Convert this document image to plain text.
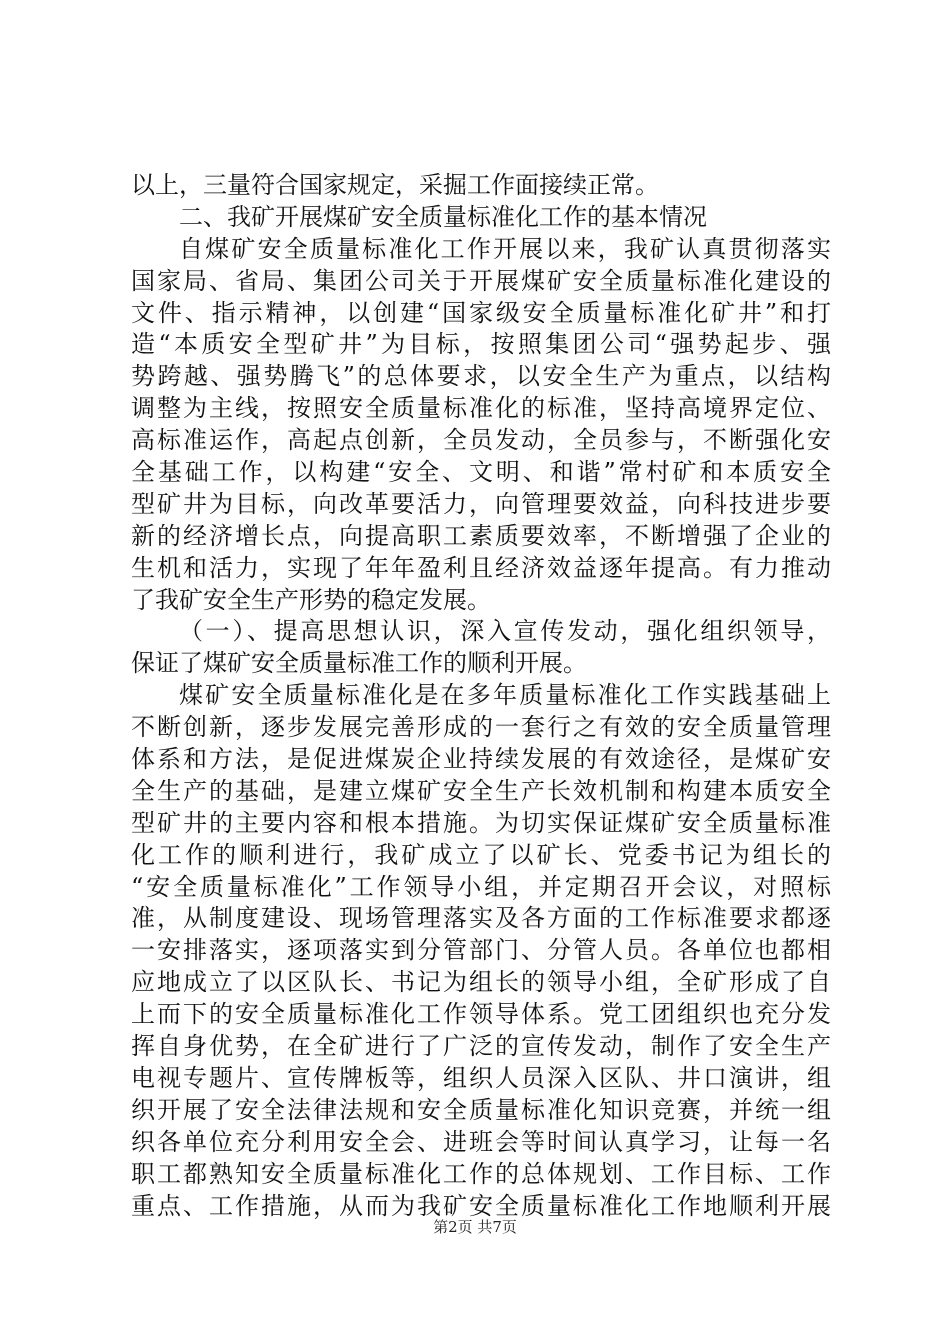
以上，三量符合国家规定，采掘工作面接续正常。

二、我矿开展煤矿安全质量标准化工作的基本情况

自煤矿安全质量标准化工作开展以来，我矿认真贯彻落实
国家局、省局、集团公司关于开展煤矿安全质量标准化建设的
文件、指示精神，以创建“国家级安全质量标准化矿井”和打
造“本质安全型矿井”为目标，按照集团公司“强势起步、强
势跨越、强势腾飞”的总体要求，以安全生产为重点，以结构
调整为主线，按照安全质量标准化的标准，坚持高境界定位、
高标准运作，高起点创新，全员发动，全员参与，不断强化安
全基础工作，以构建“安全、文明、和谐”常村矿和本质安全
型矿井为目标，向改革要活力，向管理要效益，向科技进步要
新的经济增长点，向提高职工素质要效率，不断增强了企业的
生机和活力，实现了年年盈利且经济效益逐年提高。有力推动
了我矿安全生产形势的稳定发展。

（一）、提高思想认识，深入宣传发动，强化组织领导，
保证了煤矿安全质量标准工作的顺利开展。

煤矿安全质量标准化是在多年质量标准化工作实践基础上
不断创新，逐步发展完善形成的一套行之有效的安全质量管理
体系和方法，是促进煤炭企业持续发展的有效途径，是煤矿安
全生产的基础，是建立煤矿安全生产长效机制和构建本质安全
型矿井的主要内容和根本措施。为切实保证煤矿安全质量标准
化工作的顺利进行，我矿成立了以矿长、党委书记为组长的
“安全质量标准化”工作领导小组，并定期召开会议，对照标
准，从制度建设、现场管理落实及各方面的工作标准要求都逐
一安排落实，逐项落实到分管部门、分管人员。各单位也都相
应地成立了以区队长、书记为组长的领导小组，全矿形成了自
上而下的安全质量标准化工作领导体系。党工团组织也充分发
挥自身优势，在全矿进行了广泛的宣传发动，制作了安全生产
电视专题片、宣传牌板等，组织人员深入区队、井口演讲，组
织开展了安全法律法规和安全质量标准化知识竞赛，并统一组
织各单位充分利用安全会、进班会等时间认真学习，让每一名
职工都熟知安全质量标准化工作的总体规划、工作目标、工作
重点、工作措施，从而为我矿安全质量标准化工作地顺利开展

第2页 共7页
